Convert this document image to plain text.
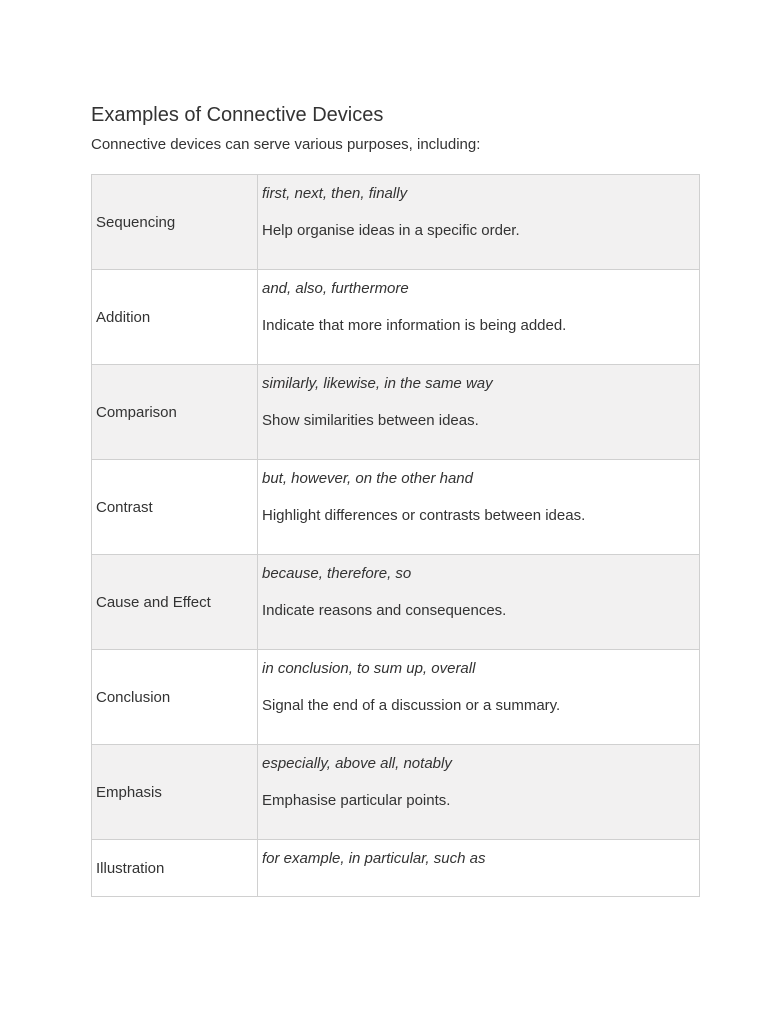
Examples of Connective Devices

Connective devices can serve various purposes, including:

Sequencing	first, next, then, finally
Help organise ideas in a specific order.

Addition	and, also, furthermore
Indicate that more information is being added.

Comparison	similarly, likewise, in the same way
Show similarities between ideas.

Contrast	but, however, on the other hand
Highlight differences or contrasts between ideas.

Cause and Effect	because, therefore, so
Indicate reasons and consequences.

Conclusion	in conclusion, to sum up, overall
Signal the end of a discussion or a summary.

Emphasis	especially, above all, notably
Emphasise particular points.

Illustration	for example, in particular, such as
